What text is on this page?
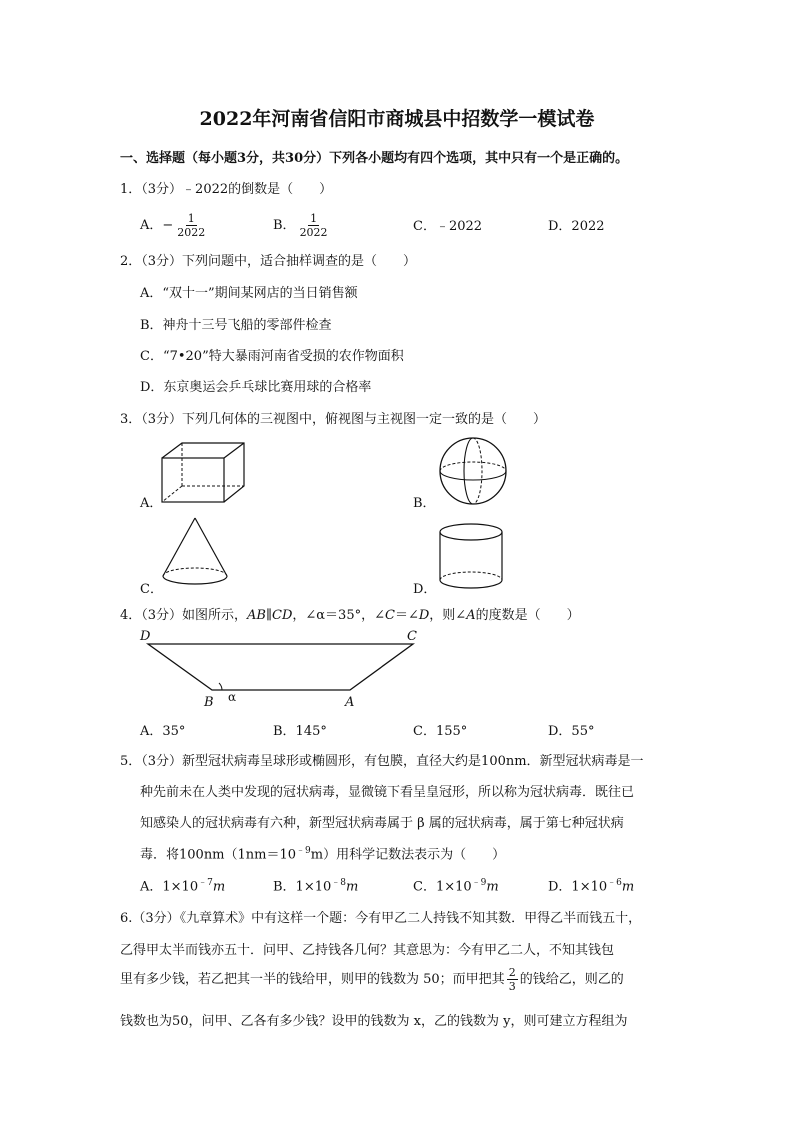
2022年河南省信阳市商城县中招数学一模试卷
一、选择题（每小题3分，共30分）下列各小题均有四个选项，其中只有一个是正确的。
1．（3分）﹣2022的倒数是（　　）
A．− $\frac{1}{2022}$	B． $\frac{1}{2022}$	C．﹣2022	D．2022
2．（3分）下列问题中，适合抽样调查的是（　　）
A．“双十一”期间某网店的当日销售额
B．神舟十三号飞船的零部件检查
C．“7•20”特大暴雨河南省受损的农作物面积
D．东京奥运会乒乓球比赛用球的合格率
3．（3分）下列几何体的三视图中，俯视图与主视图一定一致的是（　　）
A．	B．
C．	D．
4．（3分）如图所示，AB∥CD，∠α＝35°，∠C＝∠D，则∠A的度数是（　　）
D	C
B α	A
A．35°	B．145°	C．155°	D．55°
5．（3分）新型冠状病毒呈球形或椭圆形，有包膜，直径大约是100nm．新型冠状病毒是一
种先前未在人类中发现的冠状病毒，显微镜下看呈皇冠形，所以称为冠状病毒．既往已
知感染人的冠状病毒有六种，新型冠状病毒属于 β 属的冠状病毒，属于第七种冠状病
毒．将$100nm(1nm=10^{﹣9}m)$用科学记数法表示为（　　）
A．$1\times 10^{﹣7}m$	B．$1\times 10^{﹣8}m$	C．$1\times 10^{﹣9}m$	D．$1\times 10^{﹣6}m$
6.（3分）《九章算术》中有这样一个题：今有甲乙二人持钱不知其数．甲得乙半而钱五十，
乙得甲太半而钱亦五十．问甲、乙持钱各几何？其意思为：今有甲乙二人，不知其钱包
里有多少钱，若乙把其一半的钱给甲，则甲的钱数为 50；而甲把其 $\frac{2}{3}$ 的钱给乙，则乙的
钱数也为50，问甲、乙各有多少钱？设甲的钱数为 x，乙的钱数为 y，则可建立方程组为
